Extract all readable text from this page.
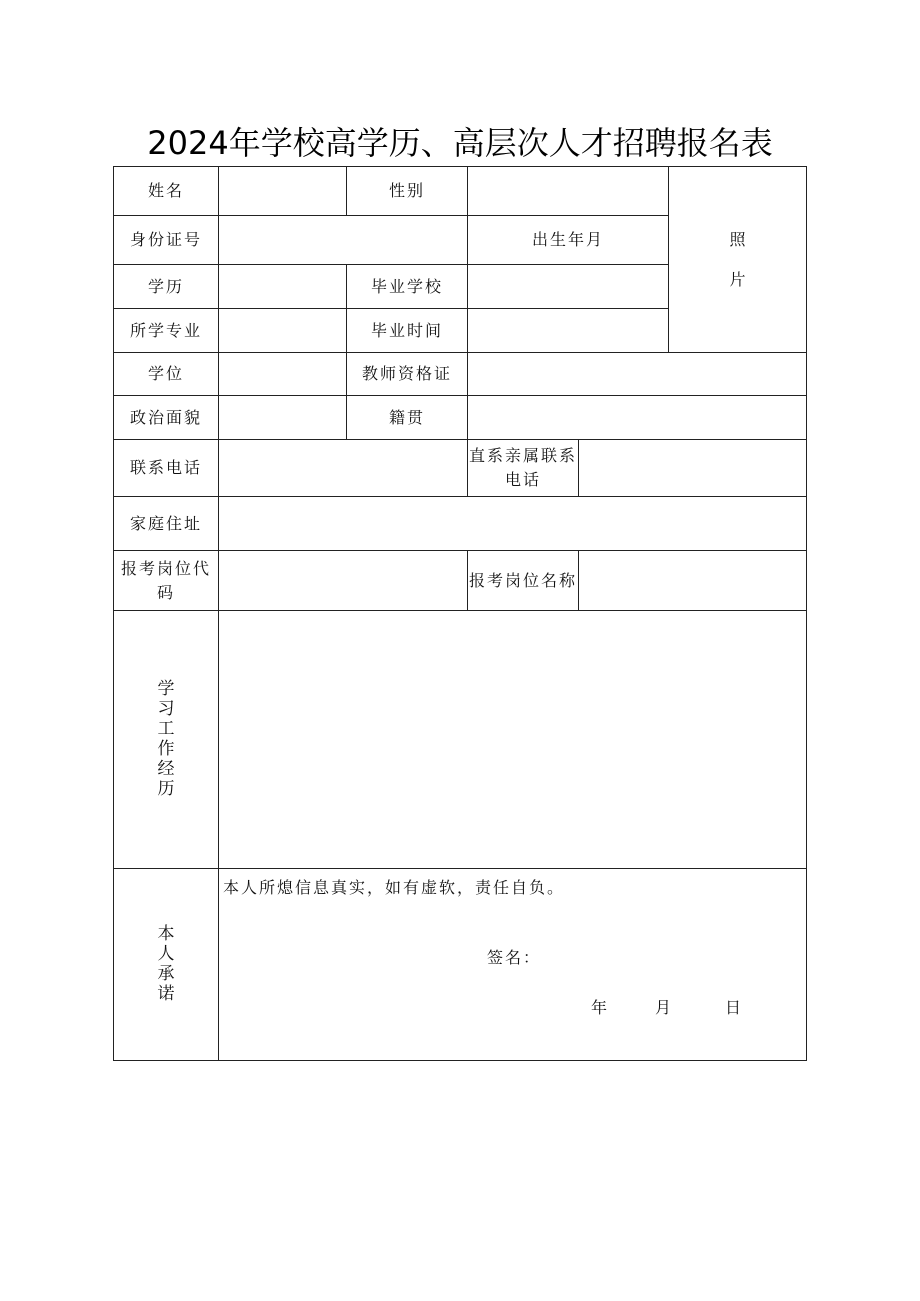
2024年学校高学历、高层次人才招聘报名表
姓名		性别			照
片

身份证号			出生年月		
学历		毕业学校			
所学专业		毕业时间			
学位		教师资格证			
政治面貌		籍贯			
联系电话			直系亲属联系电话		
家庭住址					
报考岗位代码			报考岗位名称		
学习工作经历					
本人承诺	本人所熄信息真实，如有虚软，责任自负。
签名：
年 月 日				
